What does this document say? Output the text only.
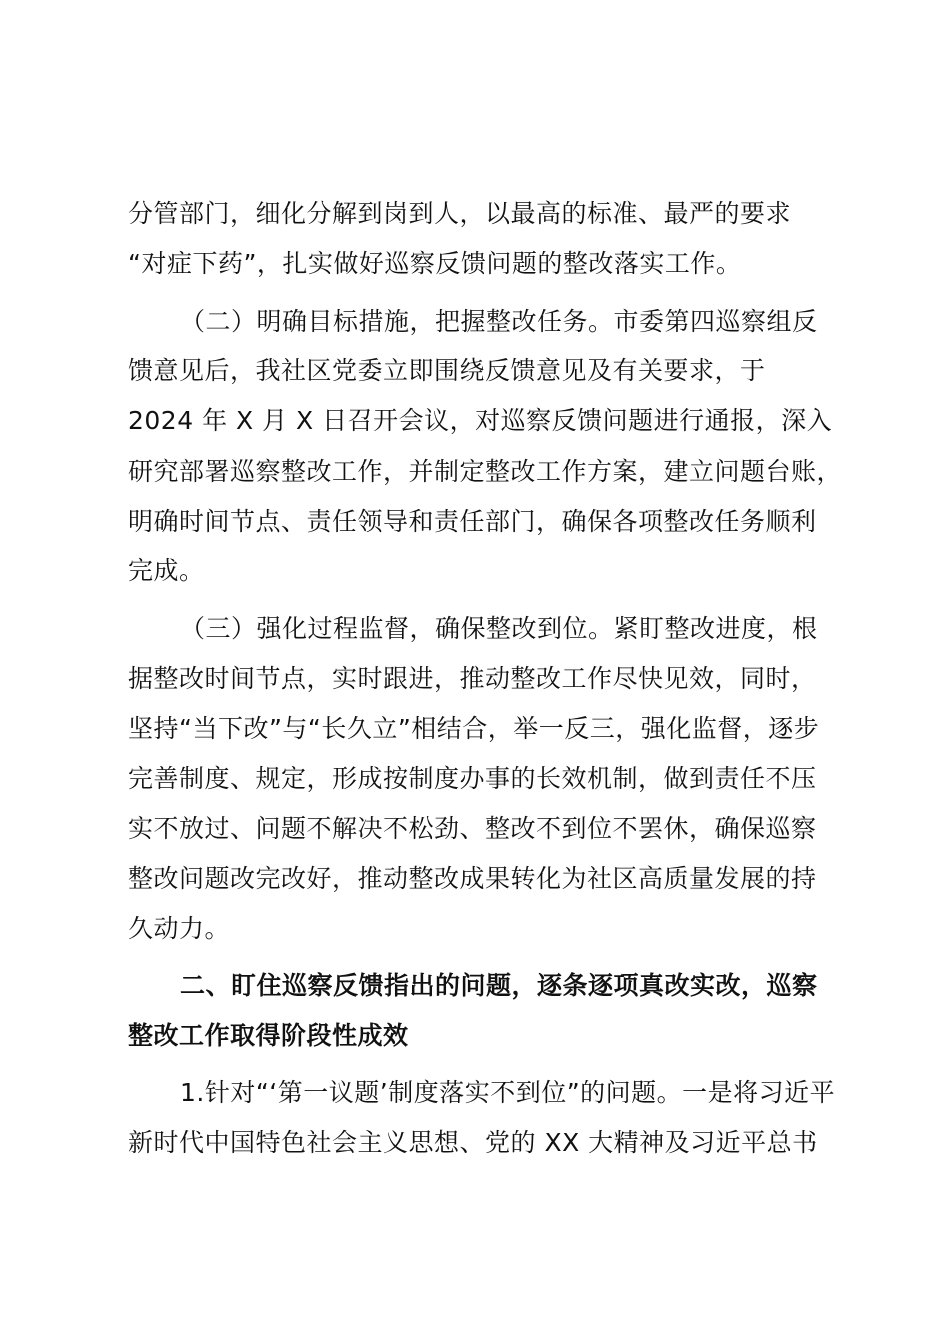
分管部门，细化分解到岗到人，以最高的标准、最严的要求
“对症下药”，扎实做好巡察反馈问题的整改落实工作。
（二）明确目标措施，把握整改任务。市委第四巡察组反
馈意见后，我社区党委立即围绕反馈意见及有关要求，于
2024 年 X 月 X 日召开会议，对巡察反馈问题进行通报，深入
研究部署巡察整改工作，并制定整改工作方案，建立问题台账，
明确时间节点、责任领导和责任部门，确保各项整改任务顺利
完成。
（三）强化过程监督，确保整改到位。紧盯整改进度，根
据整改时间节点，实时跟进，推动整改工作尽快见效，同时，
坚持“当下改”与“长久立”相结合，举一反三，强化监督，逐步
完善制度、规定，形成按制度办事的长效机制，做到责任不压
实不放过、问题不解决不松劲、整改不到位不罢休，确保巡察
整改问题改完改好，推动整改成果转化为社区高质量发展的持
久动力。
二、盯住巡察反馈指出的问题，逐条逐项真改实改，巡察
整改工作取得阶段性成效
1.针对“‘第一议题’制度落实不到位”的问题。一是将习近平
新时代中国特色社会主义思想、党的 XX 大精神及习近平总书
